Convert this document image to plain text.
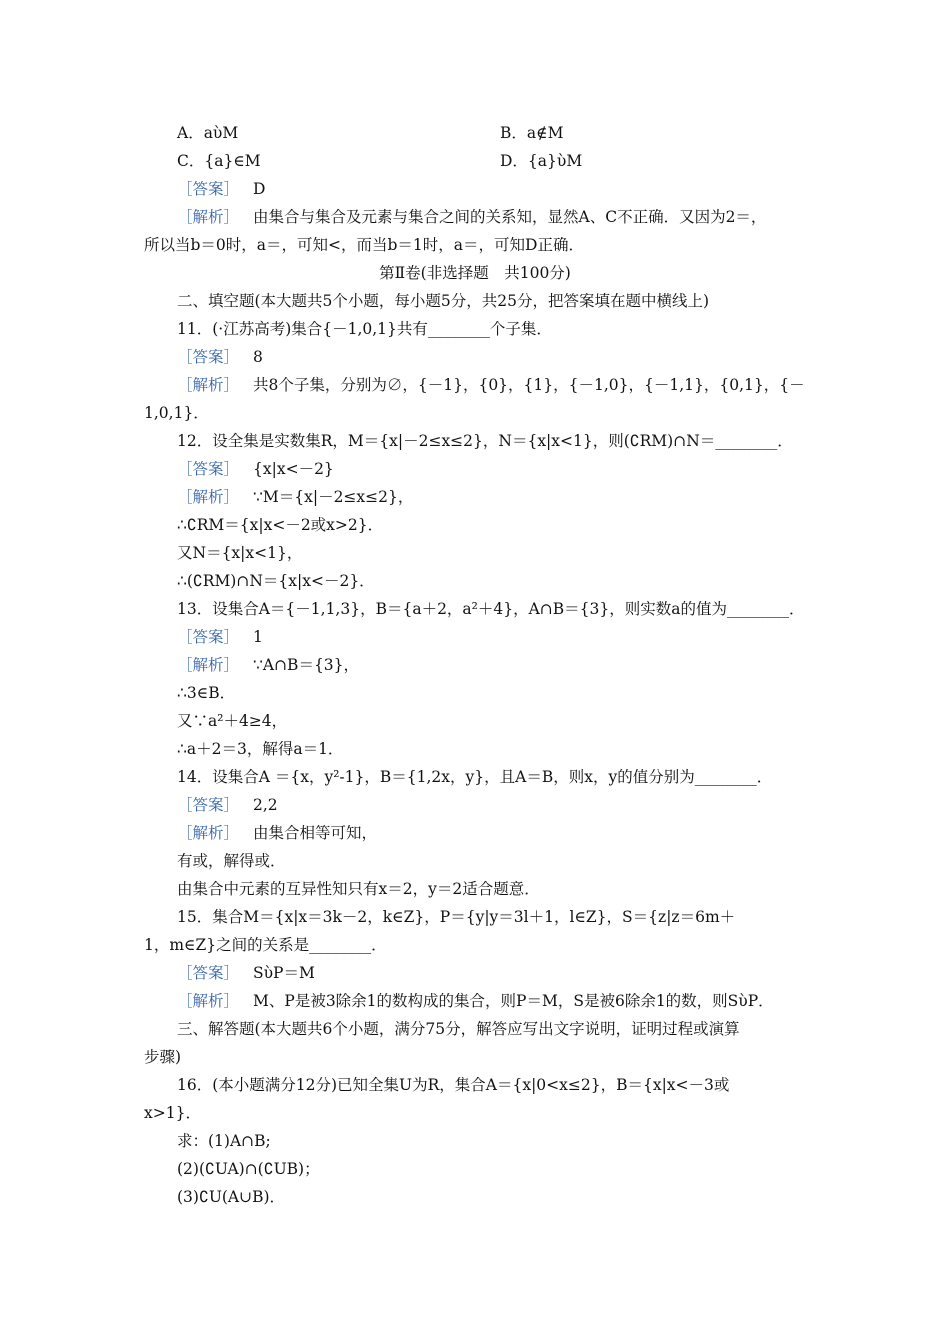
A．aὺM	B．a∉M
C．{a}∈M	D．{a}ὺM
［答案］ D
［解析］ 由集合与集合及元素与集合之间的关系知，显然A、C不正确．又因为2＝，
所以当b＝0时，a＝，可知<，而当b＝1时，a＝，可知D正确．
第Ⅱ卷(非选择题　共100分)
二、填空题(本大题共5个小题，每小题5分，共25分，把答案填在题中横线上)
11．(·江苏高考)集合{－1,0,1}共有________个子集．
［答案］ 8
［解析］ 共8个子集，分别为∅，{－1}，{0}，{1}，{－1,0}，{－1,1}，{0,1}，{－
1,0,1}．
12．设全集是实数集R，M＝{x|－2≤x≤2}，N＝{x|x<1}，则(∁RM)∩N＝________．
［答案］ {x|x<－2}
［解析］ ∵M＝{x|－2≤x≤2}，
∴∁RM＝{x|x<－2或x>2}．
又N＝{x|x<1}，
∴(∁RM)∩N＝{x|x<－2}．
13．设集合A＝{－1,1,3}，B＝{a＋2，a²＋4}，A∩B＝{3}，则实数a的值为________．
［答案］ 1
［解析］ ∵A∩B＝{3}，
∴3∈B．
又∵a²＋4≥4，
∴a＋2＝3，解得a＝1．
14．设集合A ＝{x，y²-1}，B＝{1,2x，y}，且A＝B，则x，y的值分别为________．
［答案］ 2,2
［解析］ 由集合相等可知，
有或，解得或．
由集合中元素的互异性知只有x＝2，y＝2适合题意．
15．集合M＝{x|x＝3k－2，k∈Z}，P＝{y|y＝3l＋1，l∈Z}，S＝{z|z＝6m＋
1，m∈Z}之间的关系是________．
［答案］ SὺP＝M
［解析］ M、P是被3除余1的数构成的集合，则P＝M，S是被6除余1的数，则SὺP．
三、解答题(本大题共6个小题，满分75分，解答应写出文字说明，证明过程或演算
步骤)
16．(本小题满分12分)已知全集U为R，集合A＝{x|0<x≤2}，B＝{x|x<－3或
x>1}．
求：(1)A∩B;
(2)(∁UA)∩(∁UB)；
(3)∁U(A∪B)．
